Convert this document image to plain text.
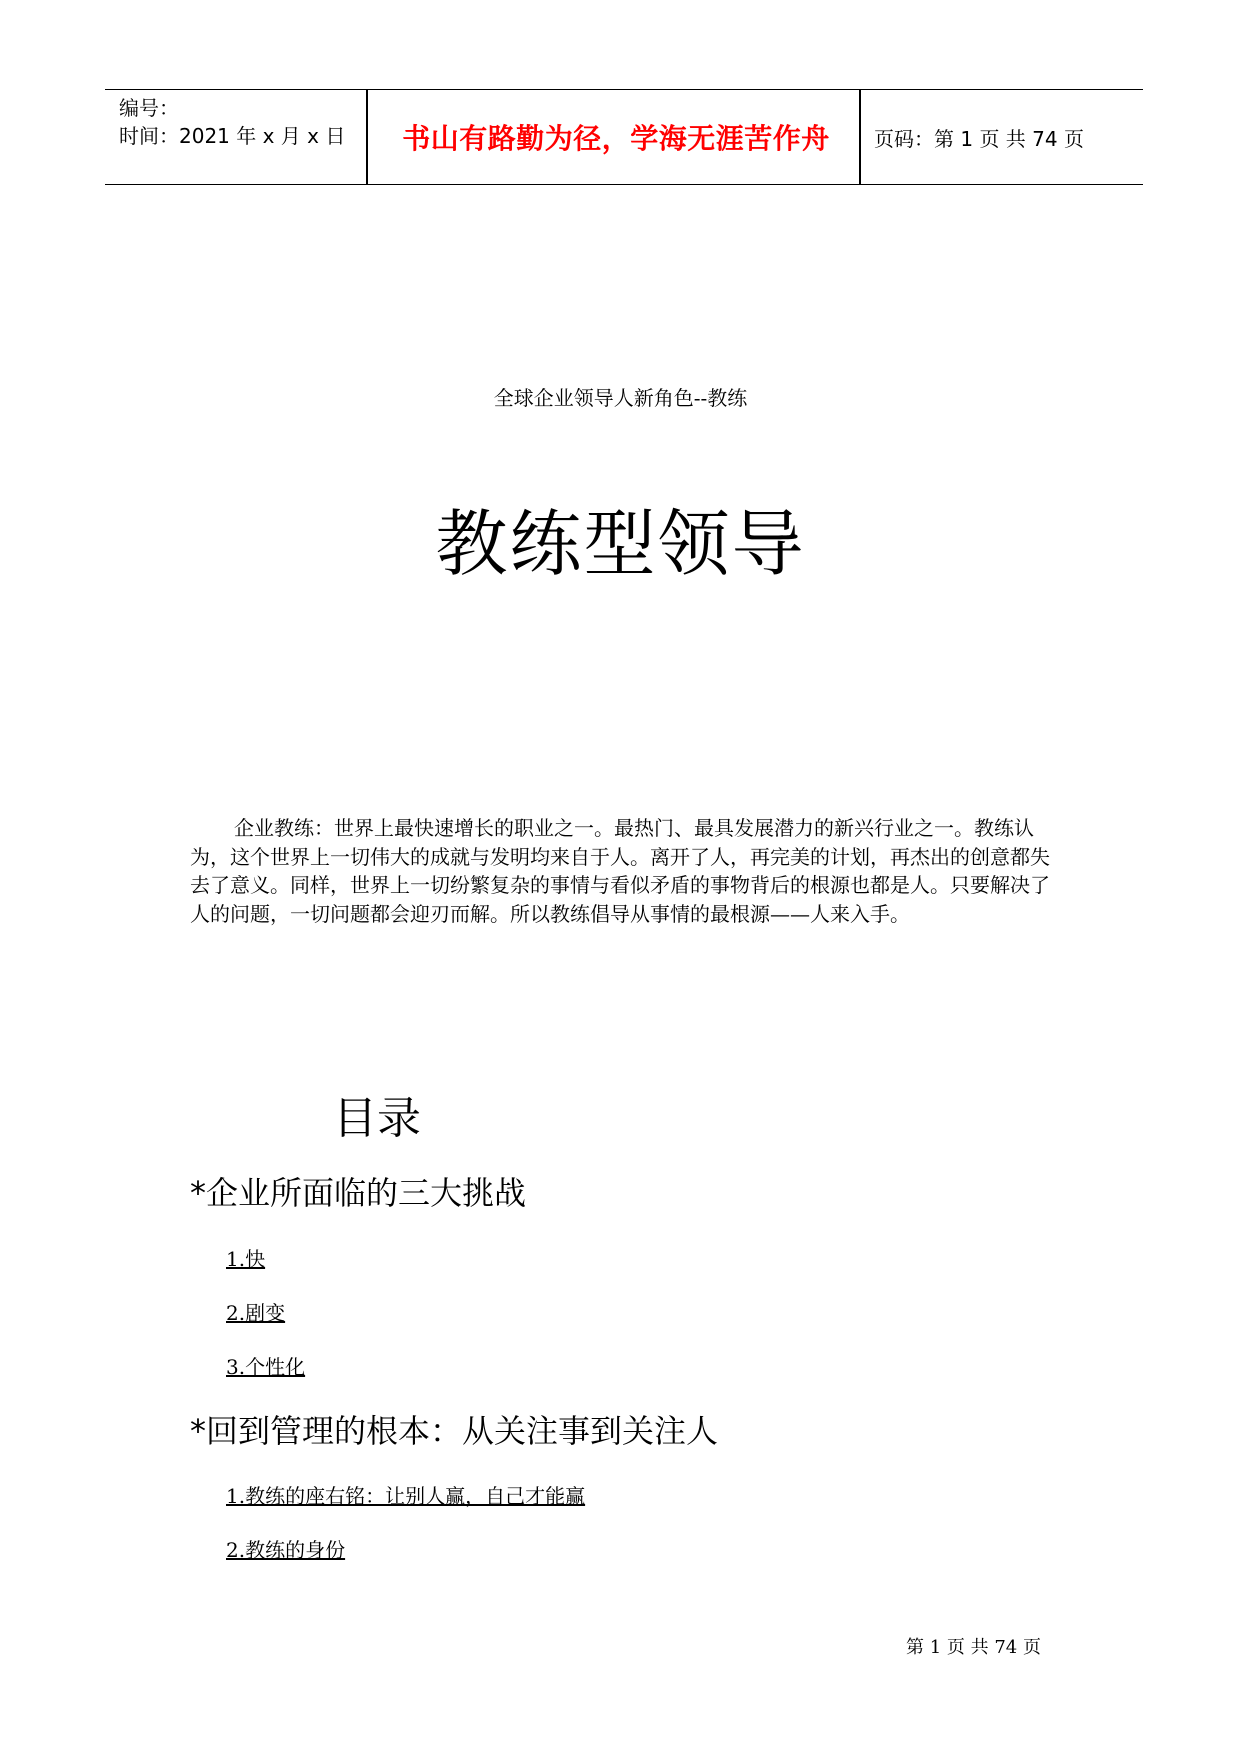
编号：
时间：2021 年 x 月 x 日	书山有路勤为径，学海无涯苦作舟	页码：第 1 页 共 74 页
全球企业领导人新角色--教练
教练型领导

企业教练：世界上最快速增长的职业之一。最热门、最具发展潜力的新兴行业之一。教练认为，这个世界上一切伟大的成就与发明均来自于人。离开了人，再完美的计划，再杰出的创意都失去了意义。同样，世界上一切纷繁复杂的事情与看似矛盾的事物背后的根源也都是人。只要解决了人的问题，一切问题都会迎刃而解。所以教练倡导从事情的最根源——人来入手。

目录
*企业所面临的三大挑战
1.快
2.剧变
3.个性化
*回到管理的根本：从关注事到关注人
1.教练的座右铭：让别人赢，自己才能赢
2.教练的身份
第 1 页 共 74 页
